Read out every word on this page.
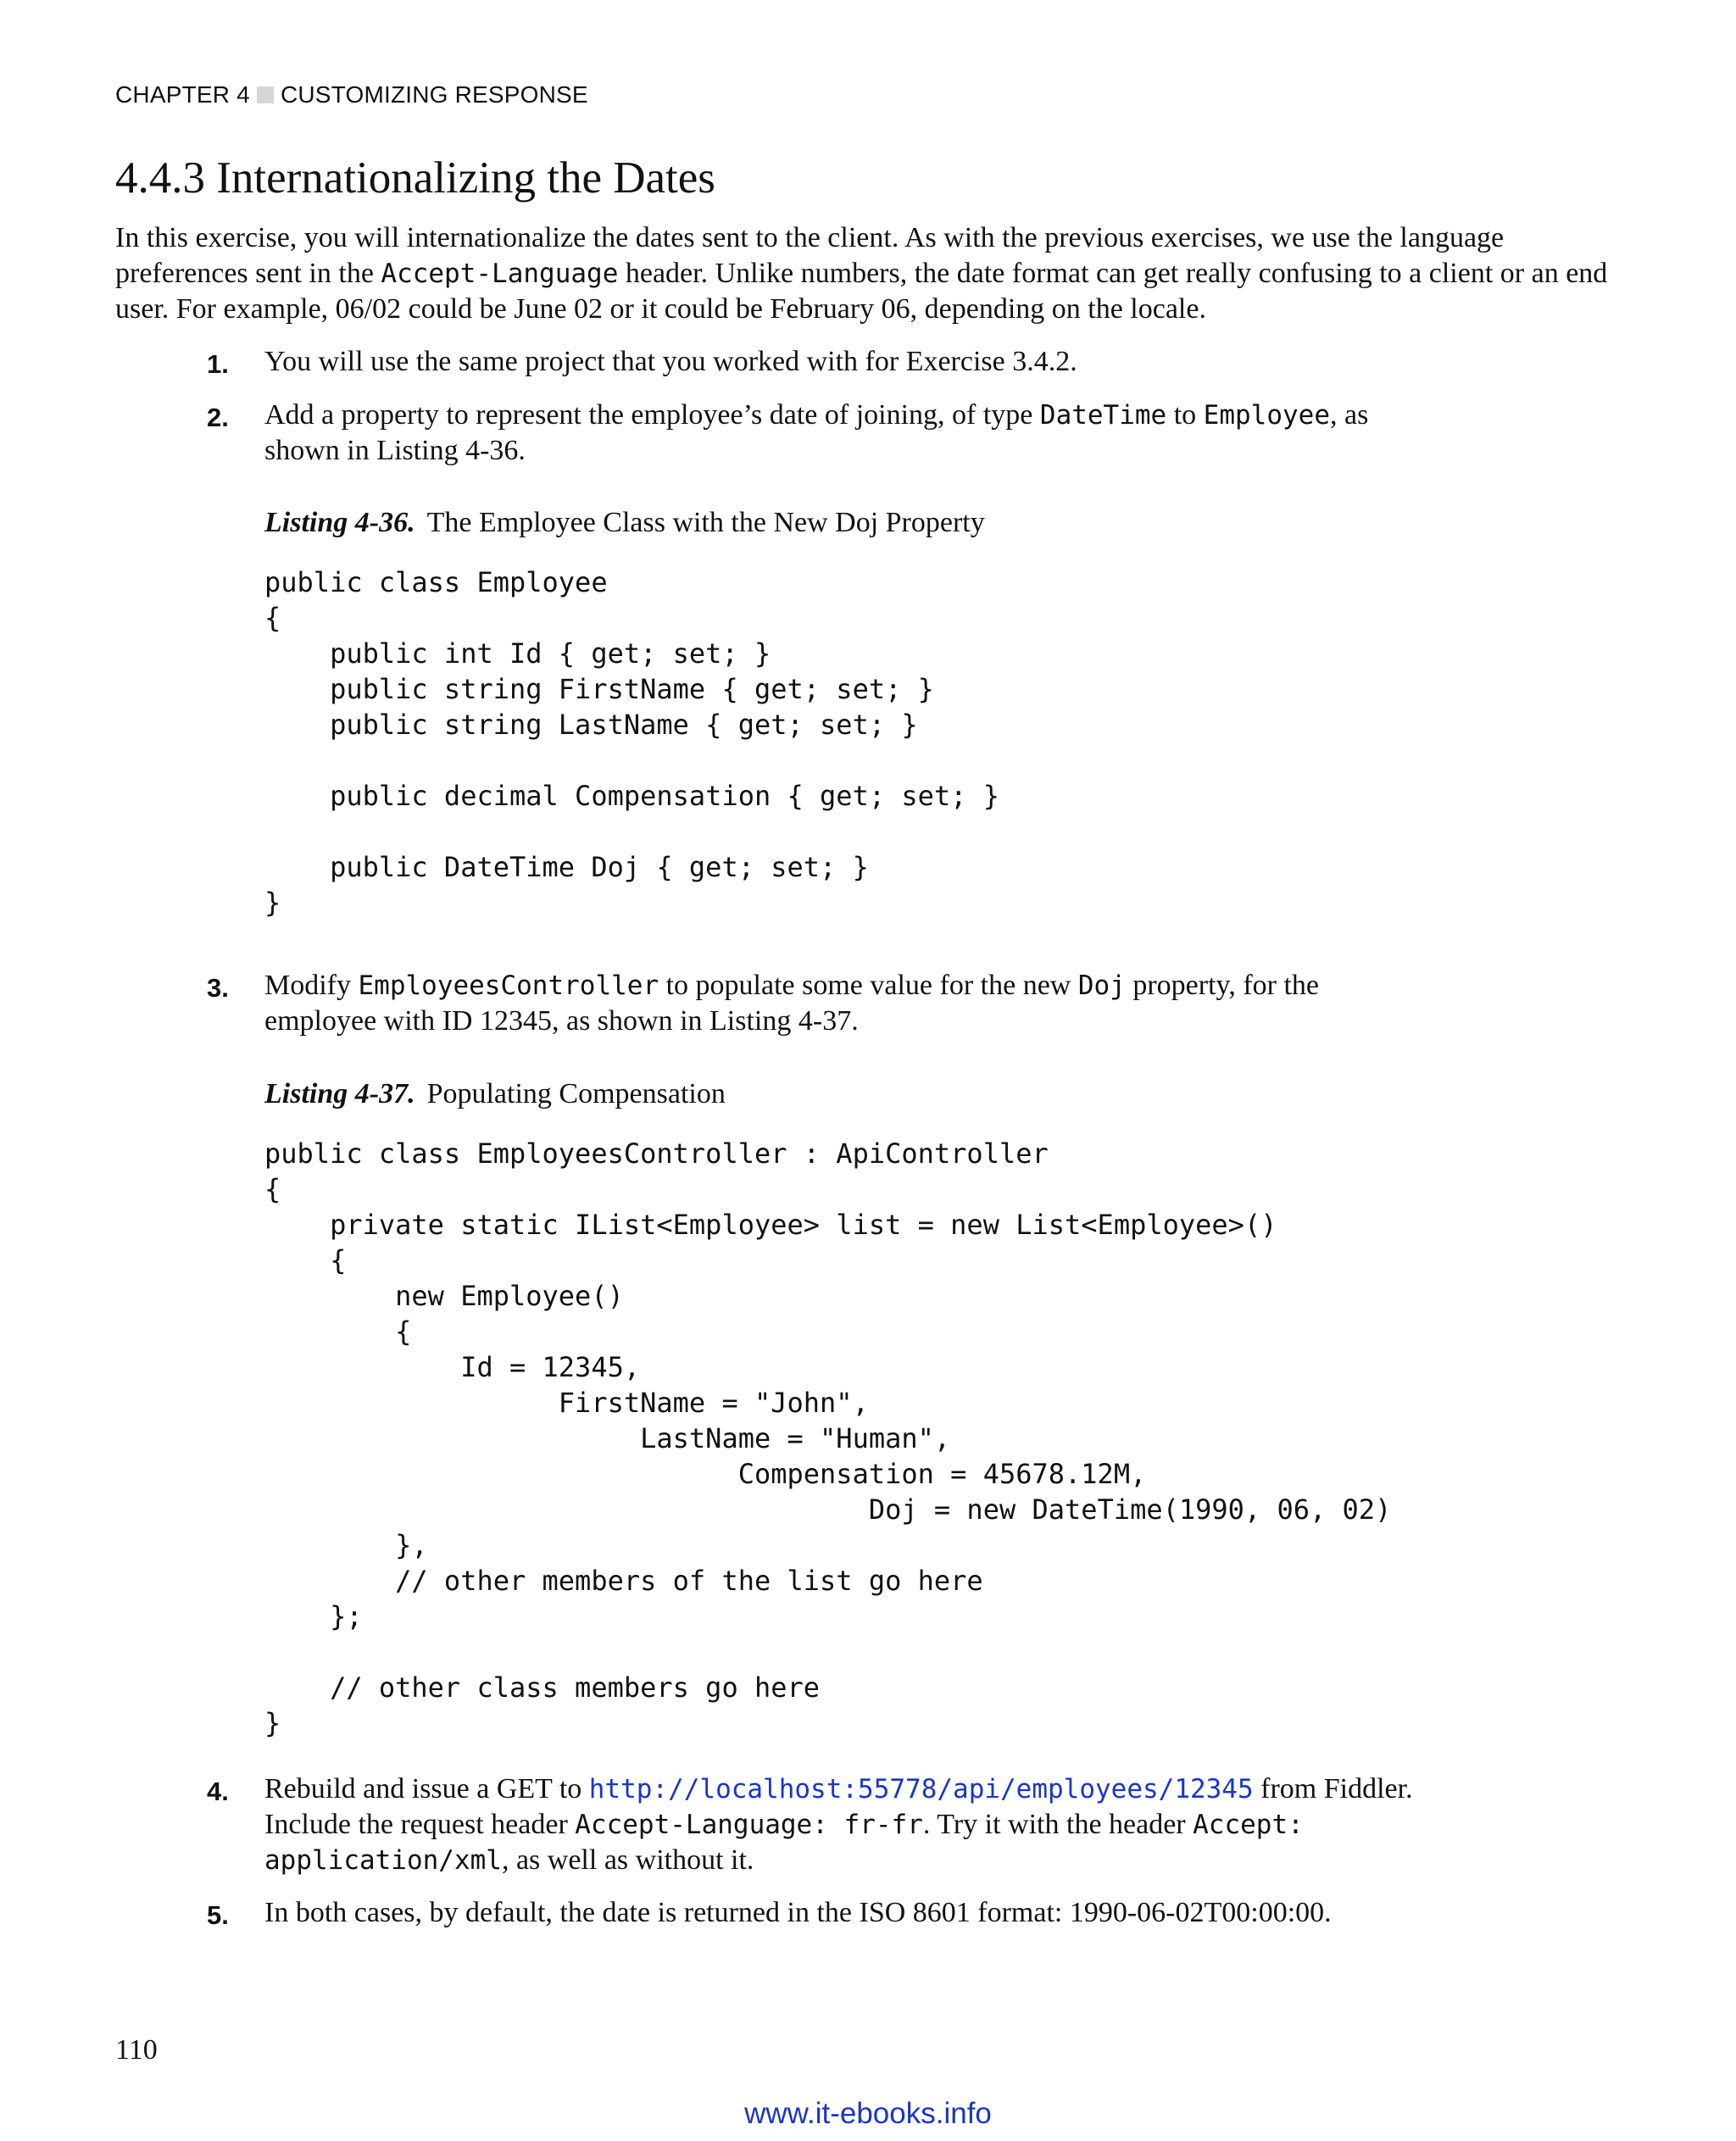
CHAPTER 4 CUSTOMIZING RESPONSE
4.4.3 Internationalizing the Dates
In this exercise, you will internationalize the dates sent to the client. As with the previous exercises, we use the language preferences sent in the Accept-Language header. Unlike numbers, the date format can get really confusing to a client or an end user. For example, 06/02 could be June 02 or it could be February 06, depending on the locale.
1. You will use the same project that you worked with for Exercise 3.4.2.
2. Add a property to represent the employee’s date of joining, of type DateTime to Employee, as shown in Listing 4-36.
Listing 4-36. The Employee Class with the New Doj Property
public class Employee
{
public int Id { get; set; }
public string FirstName { get; set; }
public string LastName { get; set; }

public decimal Compensation { get; set; }

public DateTime Doj { get; set; }
}
3. Modify EmployeesController to populate some value for the new Doj property, for the employee with ID 12345, as shown in Listing 4-37.
Listing 4-37. Populating Compensation
public class EmployeesController : ApiController
{
private static IList<Employee> list = new List<Employee>()
{
new Employee()
{
Id = 12345,
FirstName = "John",
LastName = "Human",
Compensation = 45678.12M,
Doj = new DateTime(1990, 06, 02)
},
// other members of the list go here
};

// other class members go here
}
4. Rebuild and issue a GET to http://localhost:55778/api/employees/12345 from Fiddler. Include the request header Accept-Language: fr-fr. Try it with the header Accept: application/xml, as well as without it.
5. In both cases, by default, the date is returned in the ISO 8601 format: 1990-06-02T00:00:00.
110
www.it-ebooks.info
